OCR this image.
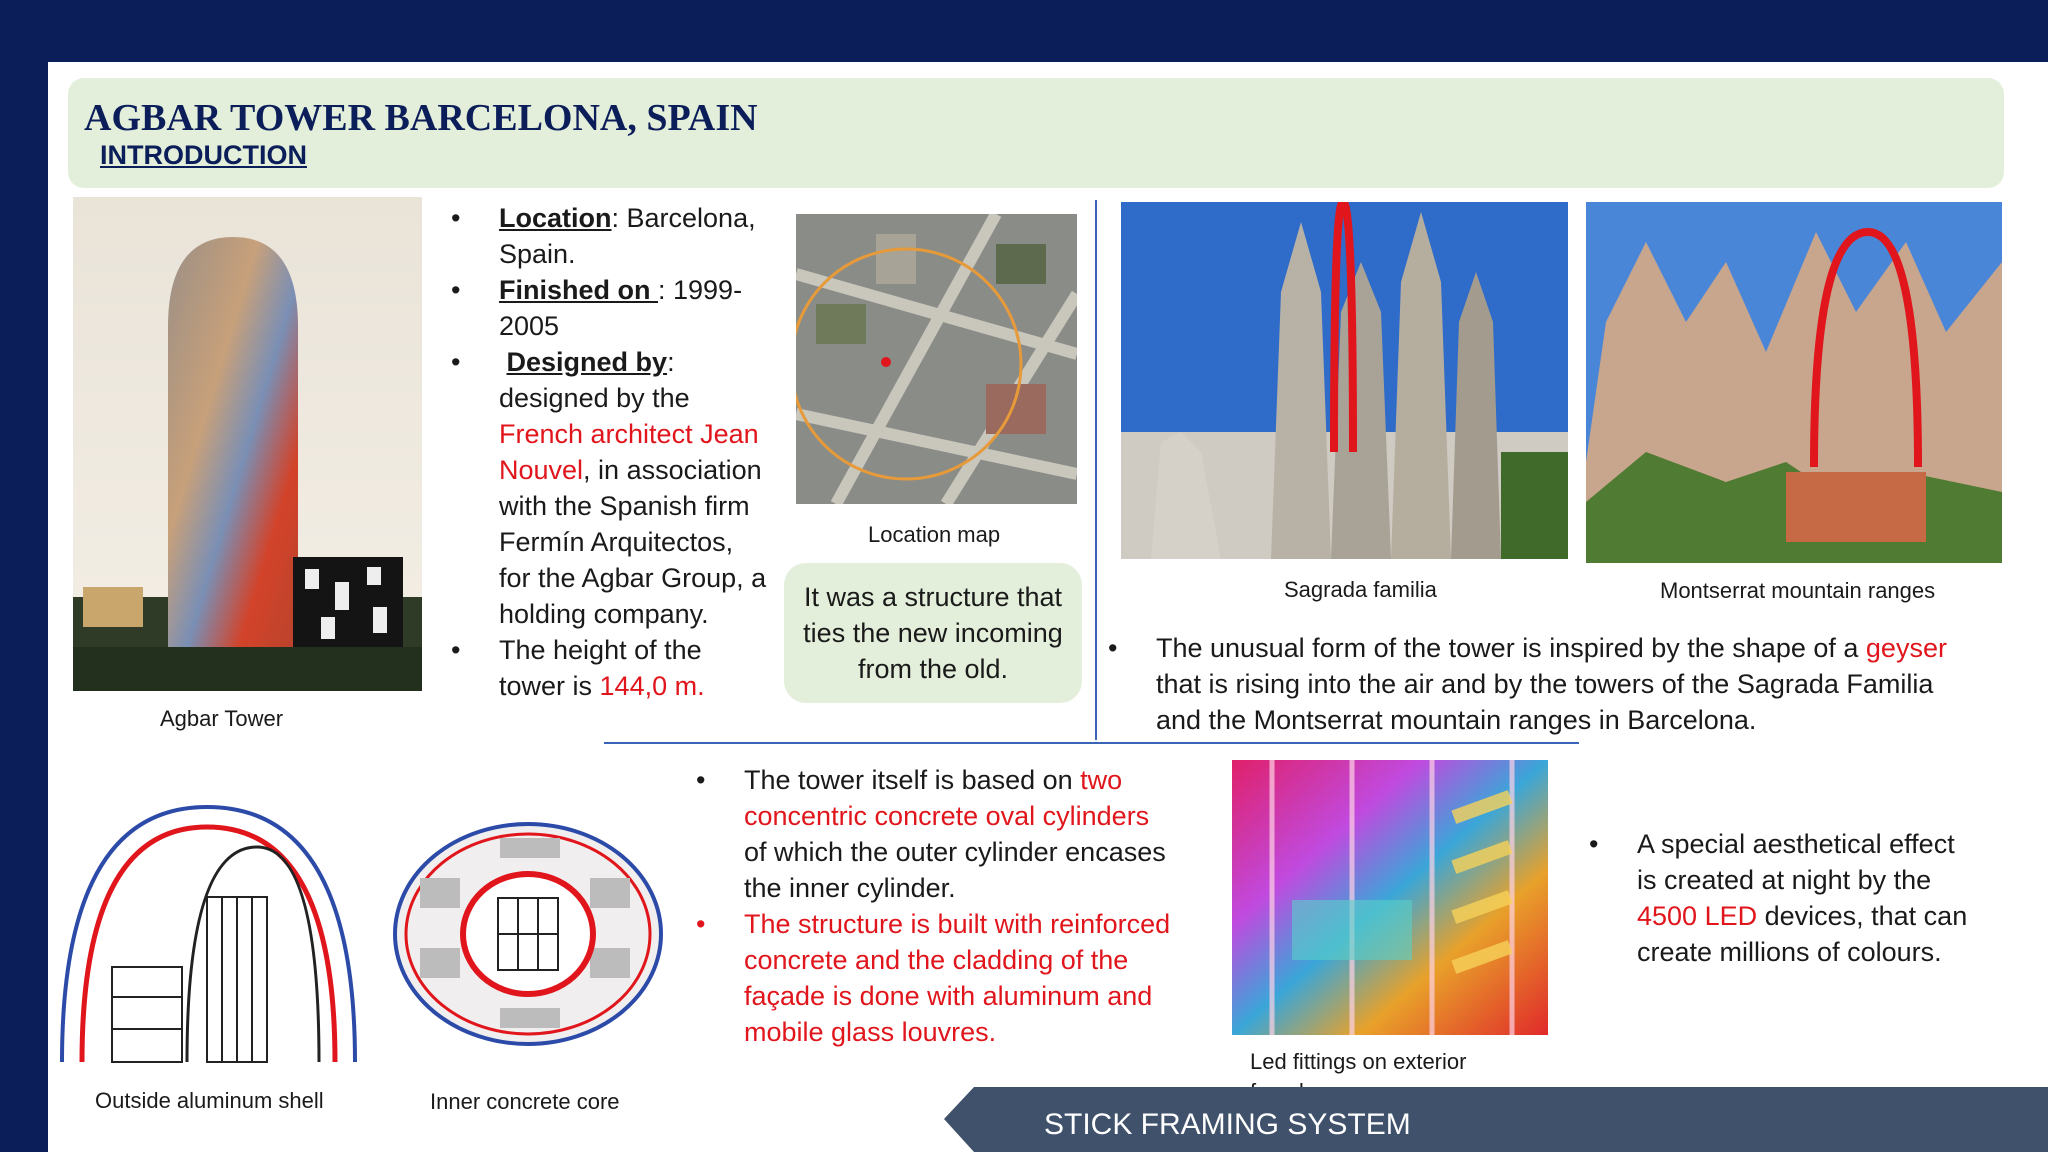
AGBAR TOWER BARCELONA, SPAIN
INTRODUCTION
Agbar Tower
• Location: Barcelona, Spain.
• Finished on : 1999-2005
• Designed by: designed by the French architect Jean Nouvel, in association with the Spanish firm Fermín Arquitectos, for the Agbar Group, a holding company.
• The height of the tower is 144,0 m.
Location map
It was a structure that ties the new incoming from the old.
Sagrada familia	Montserrat mountain ranges
• The unusual form of the tower is inspired by the shape of a geyser that is rising into the air and by the towers of the Sagrada Familia and the Montserrat mountain ranges in Barcelona.
Outside aluminum shell	Inner concrete core
• The tower itself is based on two concentric concrete oval cylinders of which the outer cylinder encases the inner cylinder.
• The structure is built with reinforced concrete and the cladding of the façade is done with aluminum and mobile glass louvres.
Led fittings on exterior
• A special aesthetical effect is created at night by the 4500 LED devices, that can create millions of colours.
STICK FRAMING SYSTEM
